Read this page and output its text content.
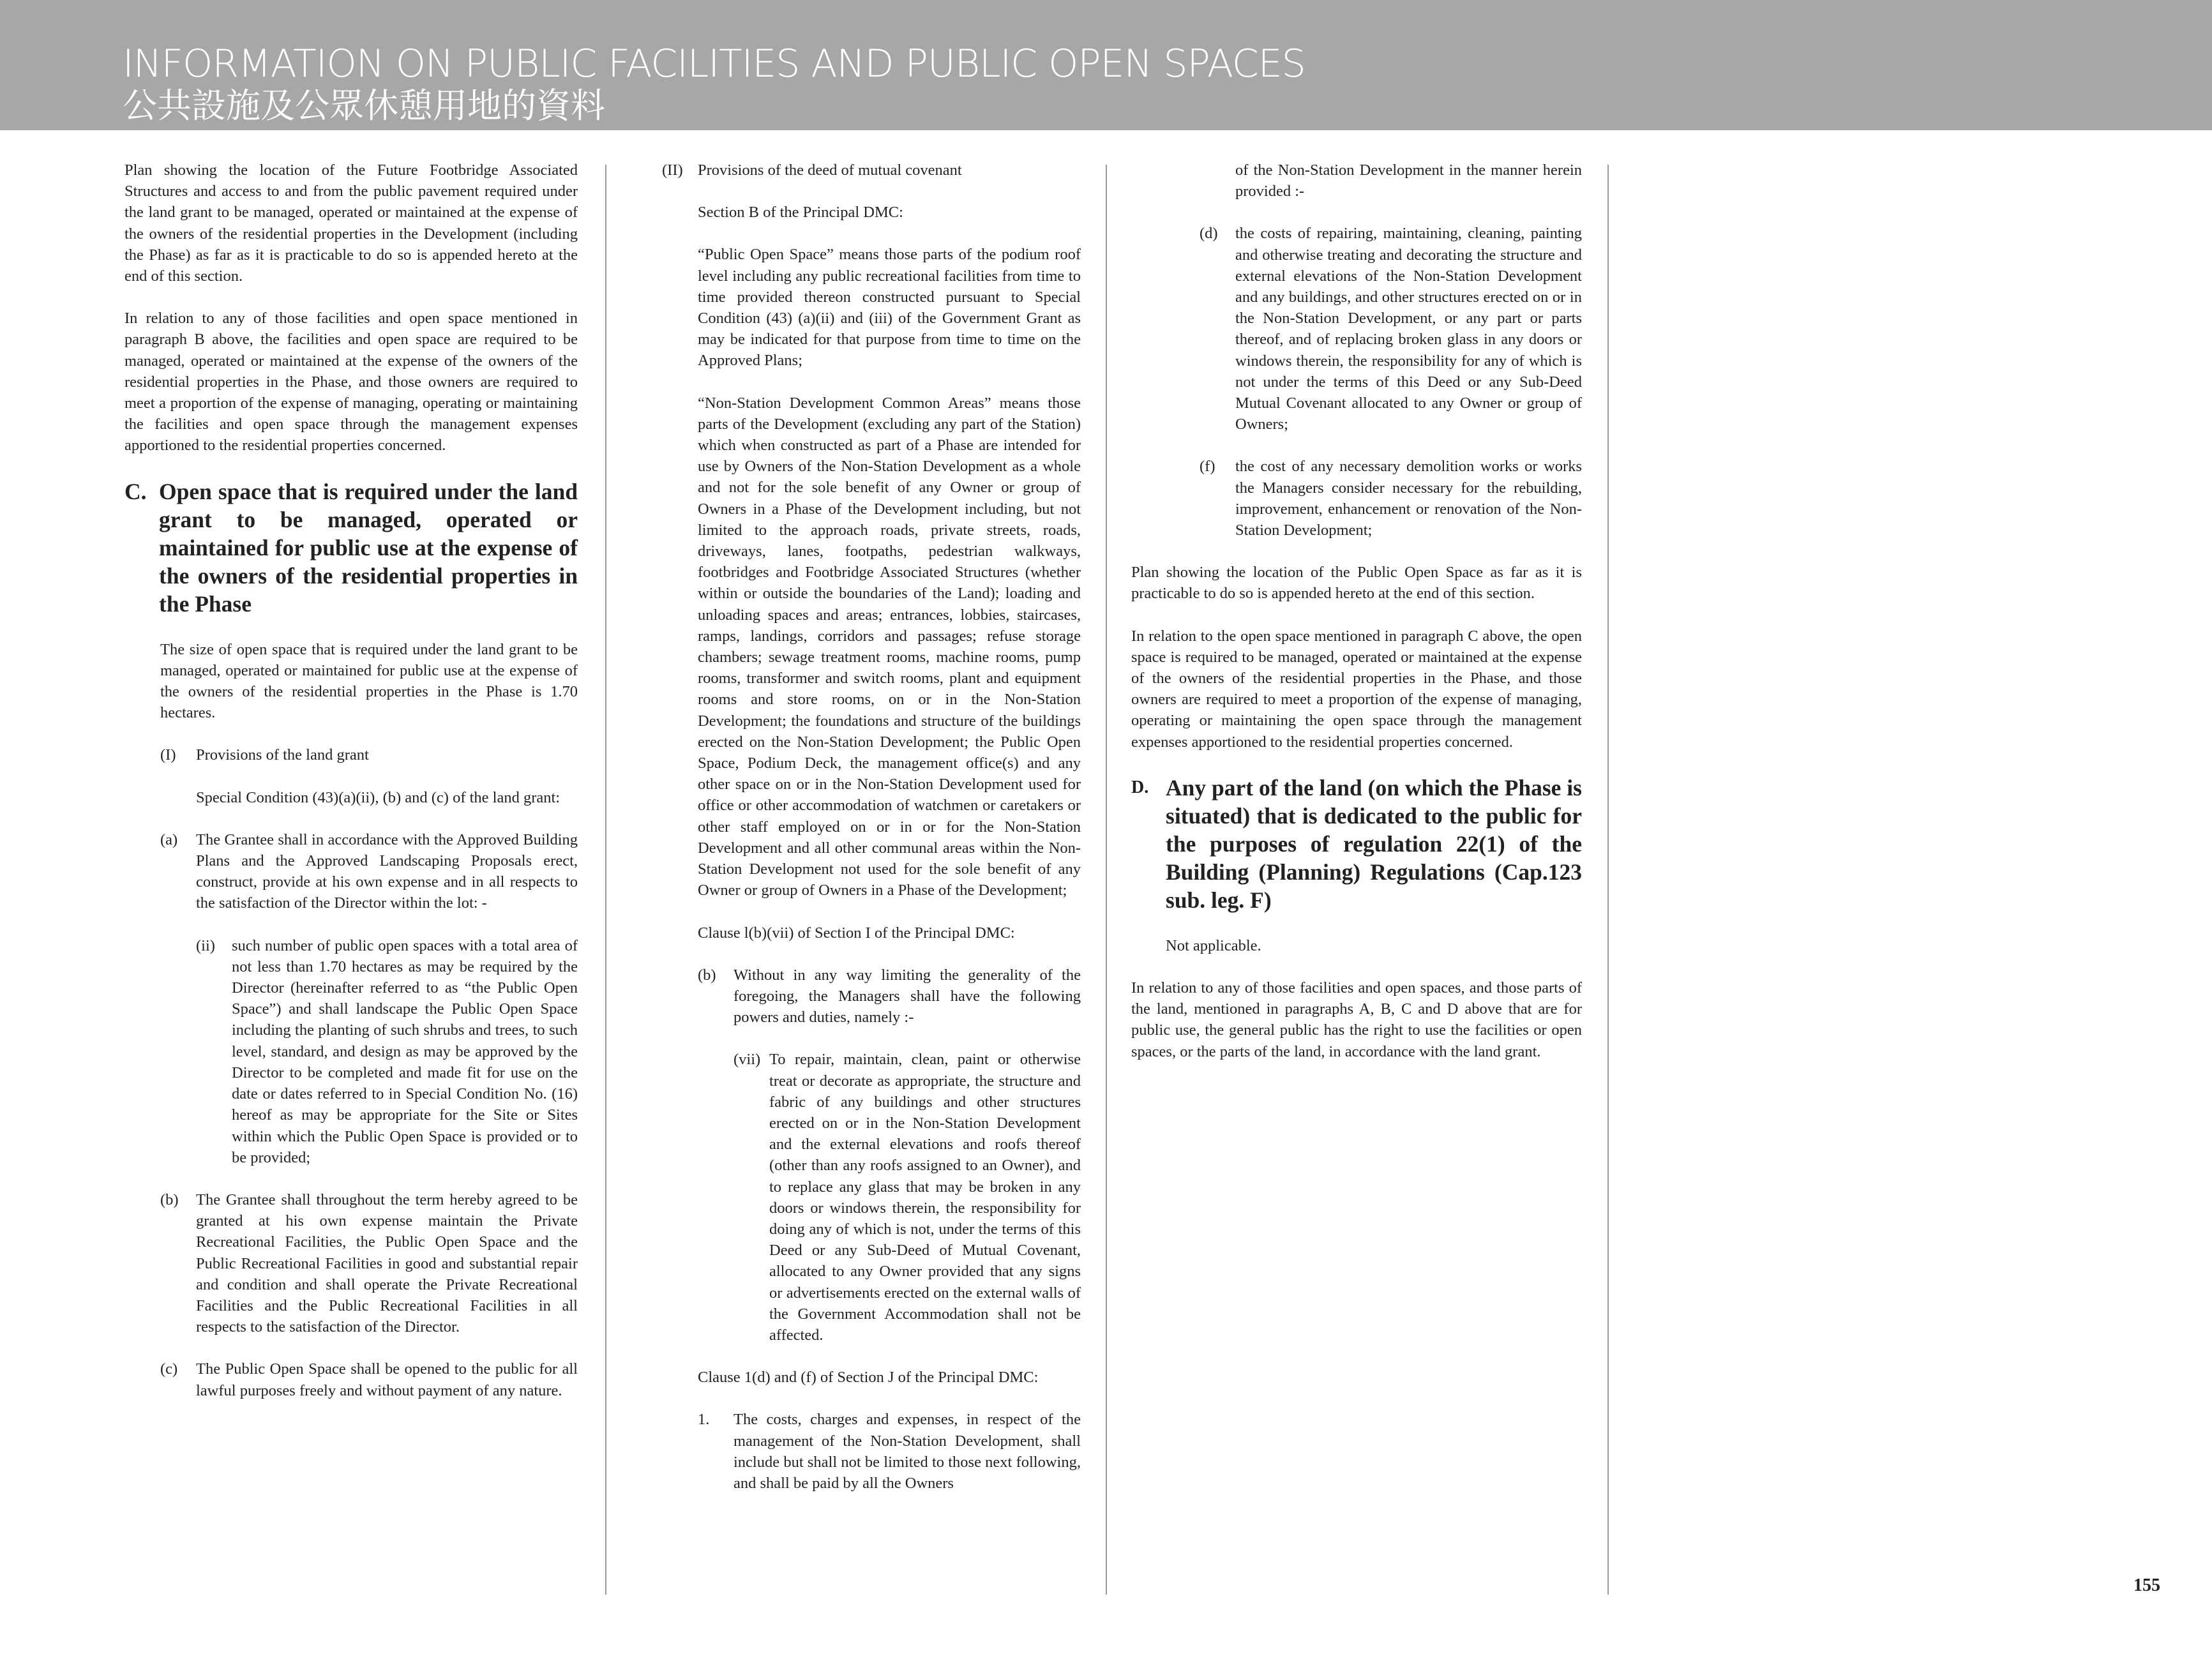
INFORMATION ON PUBLIC FACILITIES AND PUBLIC OPEN SPACES
公共設施及公眾休憩用地的資料

Plan showing the location of the Future Footbridge Associated Structures and access to and from the public pavement required under the land grant to be managed, operated or maintained at the expense of the owners of the residential properties in the Development (including the Phase) as far as it is practicable to do so is appended hereto at the end of this section.

In relation to any of those facilities and open space mentioned in paragraph B above, the facilities and open space are required to be managed, operated or maintained at the expense of the owners of the residential properties in the Phase, and those owners are required to meet a proportion of the expense of managing, operating or maintaining the facilities and open space through the management expenses apportioned to the residential properties concerned.

C. Open space that is required under the land grant to be managed, operated or maintained for public use at the expense of the owners of the residential properties in the Phase

The size of open space that is required under the land grant to be managed, operated or maintained for public use at the expense of the owners of the residential properties in the Phase is 1.70 hectares.

(I)	Provisions of the land grant

Special Condition (43)(a)(ii), (b) and (c) of the land grant:

(a)	The Grantee shall in accordance with the Approved Building Plans and the Approved Landscaping Proposals erect, construct, provide at his own expense and in all respects to the satisfaction of the Director within the lot: -
(ii)	such number of public open spaces with a total area of not less than 1.70 hectares as may be required by the Director (hereinafter referred to as “the Public Open Space”) and shall landscape the Public Open Space including the planting of such shrubs and trees, to such level, standard, and design as may be approved by the Director to be completed and made fit for use on the date or dates referred to in Special Condition No. (16) hereof as may be appropriate for the Site or Sites within which the Public Open Space is provided or to be provided;
(b)	The Grantee shall throughout the term hereby agreed to be granted at his own expense maintain the Private Recreational Facilities, the Public Open Space and the Public Recreational Facilities in good and substantial repair and condition and shall operate the Private Recreational Facilities and the Public Recreational Facilities in all respects to the satisfaction of the Director.
(c)	The Public Open Space shall be opened to the public for all lawful purposes freely and without payment of any nature.
(II) Provisions of the deed of mutual covenant

Section B of the Principal DMC:

“Public Open Space” means those parts of the podium roof level including any public recreational facilities from time to time provided thereon constructed pursuant to Special Condition (43) (a)(ii) and (iii) of the Government Grant as may be indicated for that purpose from time to time on the Approved Plans;

“Non-Station Development Common Areas” means those parts of the Development (excluding any part of the Station) which when constructed as part of a Phase are intended for use by Owners of the Non-Station Development as a whole and not for the sole benefit of any Owner or group of Owners in a Phase of the Development including, but not limited to the approach roads, private streets, roads, driveways, lanes, footpaths, pedestrian walkways, footbridges and Footbridge Associated Structures (whether within or outside the boundaries of the Land); loading and unloading spaces and areas; entrances, lobbies, staircases, ramps, landings, corridors and passages; refuse storage chambers; sewage treatment rooms, machine rooms, pump rooms, transformer and switch rooms, plant and equipment rooms and store rooms, on or in the Non-Station Development; the foundations and structure of the buildings erected on the Non-Station Development; the Public Open Space, Podium Deck, the management office(s) and any other space on or in the Non-Station Development used for office or other accommodation of watchmen or caretakers or other staff employed on or in or for the Non-Station Development and all other communal areas within the Non-Station Development not used for the sole benefit of any Owner or group of Owners in a Phase of the Development;

Clause l(b)(vii) of Section I of the Principal DMC:

(b)	Without in any way limiting the generality of the foregoing, the Managers shall have the following powers and duties, namely :-
(vii) To repair, maintain, clean, paint or otherwise treat or decorate as appropriate, the structure and fabric of any buildings and other structures erected on or in the Non-Station Development and the external elevations and roofs thereof (other than any roofs assigned to an Owner), and to replace any glass that may be broken in any doors or windows therein, the responsibility for doing any of which is not, under the terms of this Deed or any Sub-Deed of Mutual Covenant, allocated to any Owner provided that any signs or advertisements erected on the external walls of the Government Accommodation shall not be affected.

Clause 1(d) and (f) of Section J of the Principal DMC:

1.	The costs, charges and expenses, in respect of the management of the Non-Station Development, shall include but shall not be limited to those next following, and shall be paid by all the Owners

of the Non-Station Development in the manner herein provided :-

(d)	the costs of repairing, maintaining, cleaning, painting and otherwise treating and decorating the structure and external elevations of the Non-Station Development and any buildings, and other structures erected on or in the Non-Station Development, or any part or parts thereof, and of replacing broken glass in any doors or windows therein, the responsibility for any of which is not under the terms of this Deed or any Sub-Deed Mutual Covenant allocated to any Owner or group of Owners;
(f)	the cost of any necessary demolition works or works the Managers consider necessary for the rebuilding, improvement, enhancement or renovation of the Non-Station Development;

Plan showing the location of the Public Open Space as far as it is practicable to do so is appended hereto at the end of this section.

In relation to the open space mentioned in paragraph C above, the open space is required to be managed, operated or maintained at the expense of the owners of the residential properties in the Phase, and those owners are required to meet a proportion of the expense of managing, operating or maintaining the open space through the management expenses apportioned to the residential properties concerned.

D. Any part of the land (on which the Phase is situated) that is dedicated to the public for the purposes of regulation 22(1) of the Building (Planning) Regulations (Cap.123 sub. leg. F)

Not applicable.

In relation to any of those facilities and open spaces, and those parts of the land, mentioned in paragraphs A, B, C and D above that are for public use, the general public has the right to use the facilities or open spaces, or the parts of the land, in accordance with the land grant.

155
